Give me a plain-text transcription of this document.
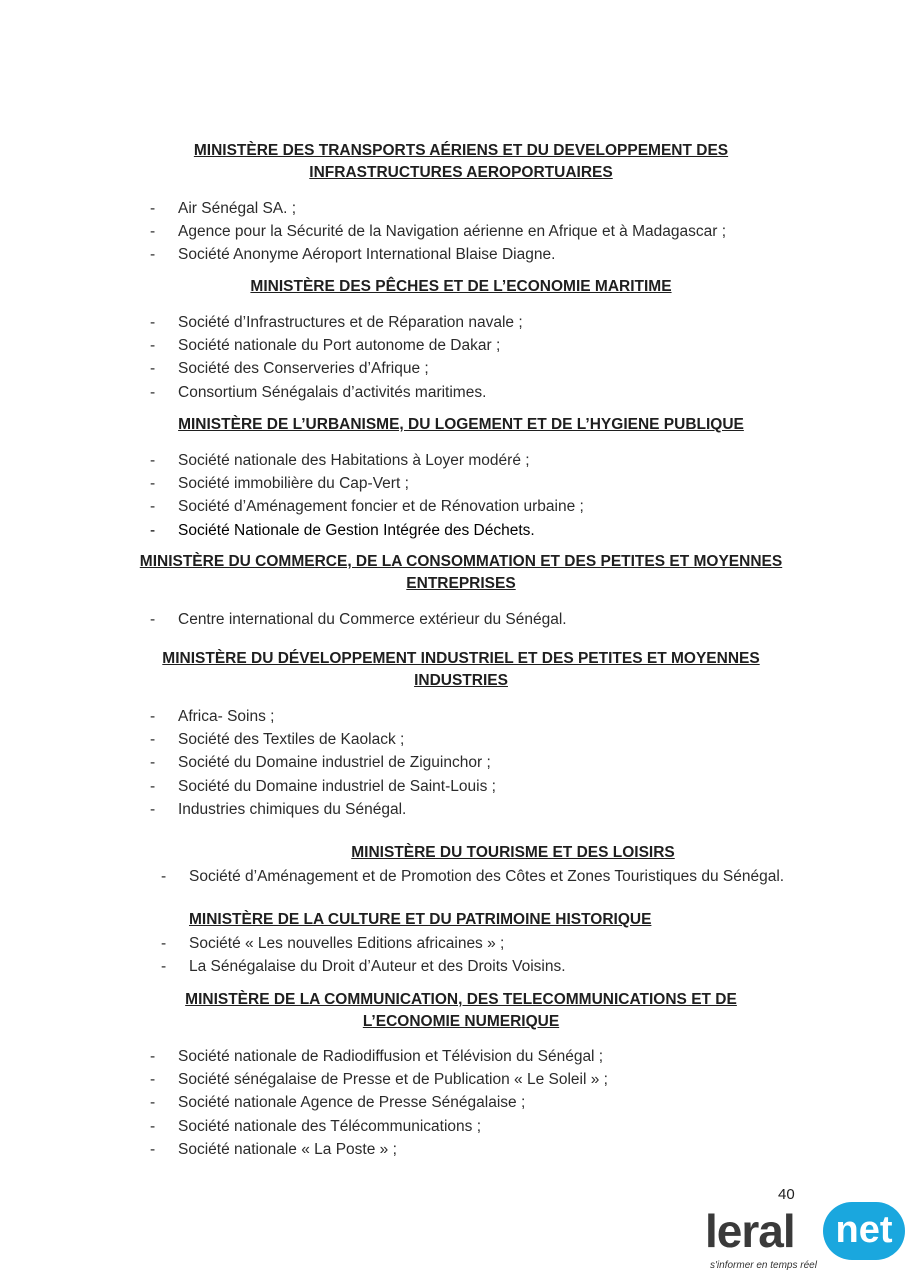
MINISTÈRE DES TRANSPORTS AÉRIENS ET DU DEVELOPPEMENT DES
INFRASTRUCTURES AEROPORTUAIRES
- Air Sénégal SA. ;
- Agence pour la Sécurité de la Navigation aérienne en Afrique et à Madagascar ;
- Société Anonyme Aéroport International Blaise Diagne.
MINISTÈRE DES PÊCHES ET DE L’ECONOMIE MARITIME
- Société d’Infrastructures et de Réparation navale ;
- Société nationale du Port autonome de Dakar ;
- Société des Conserveries d’Afrique ;
- Consortium Sénégalais d’activités maritimes.
MINISTÈRE DE L’URBANISME, DU LOGEMENT ET DE L’HYGIENE PUBLIQUE
- Société nationale des Habitations à Loyer modéré ;
- Société immobilière du Cap-Vert ;
- Société d’Aménagement foncier et de Rénovation urbaine ;
- Société Nationale de Gestion Intégrée des Déchets.
MINISTÈRE DU COMMERCE, DE LA CONSOMMATION ET DES PETITES ET MOYENNES
ENTREPRISES
- Centre international du Commerce extérieur du Sénégal.
MINISTÈRE DU DÉVELOPPEMENT INDUSTRIEL ET DES PETITES ET MOYENNES
INDUSTRIES
- Africa- Soins ;
- Société des Textiles de Kaolack ;
- Société du Domaine industriel de Ziguinchor ;
- Société du Domaine industriel de Saint-Louis ;
- Industries chimiques du Sénégal.
MINISTÈRE DU TOURISME ET DES LOISIRS
- Société d’Aménagement et de Promotion des Côtes et Zones Touristiques du Sénégal.
MINISTÈRE DE LA CULTURE ET DU PATRIMOINE HISTORIQUE
- Société « Les nouvelles Editions africaines » ;
- La Sénégalaise du Droit d’Auteur et des Droits Voisins.
MINISTÈRE DE LA COMMUNICATION, DES TELECOMMUNICATIONS ET DE
L’ECONOMIE NUMERIQUE
- Société nationale de Radiodiffusion et Télévision du Sénégal ;
- Société sénégalaise de Presse et de Publication « Le Soleil » ;
- Société nationale Agence de Presse Sénégalaise ;
- Société nationale des Télécommunications ;
- Société nationale « La Poste » ;
40
leral	net
s'informer en temps réel
